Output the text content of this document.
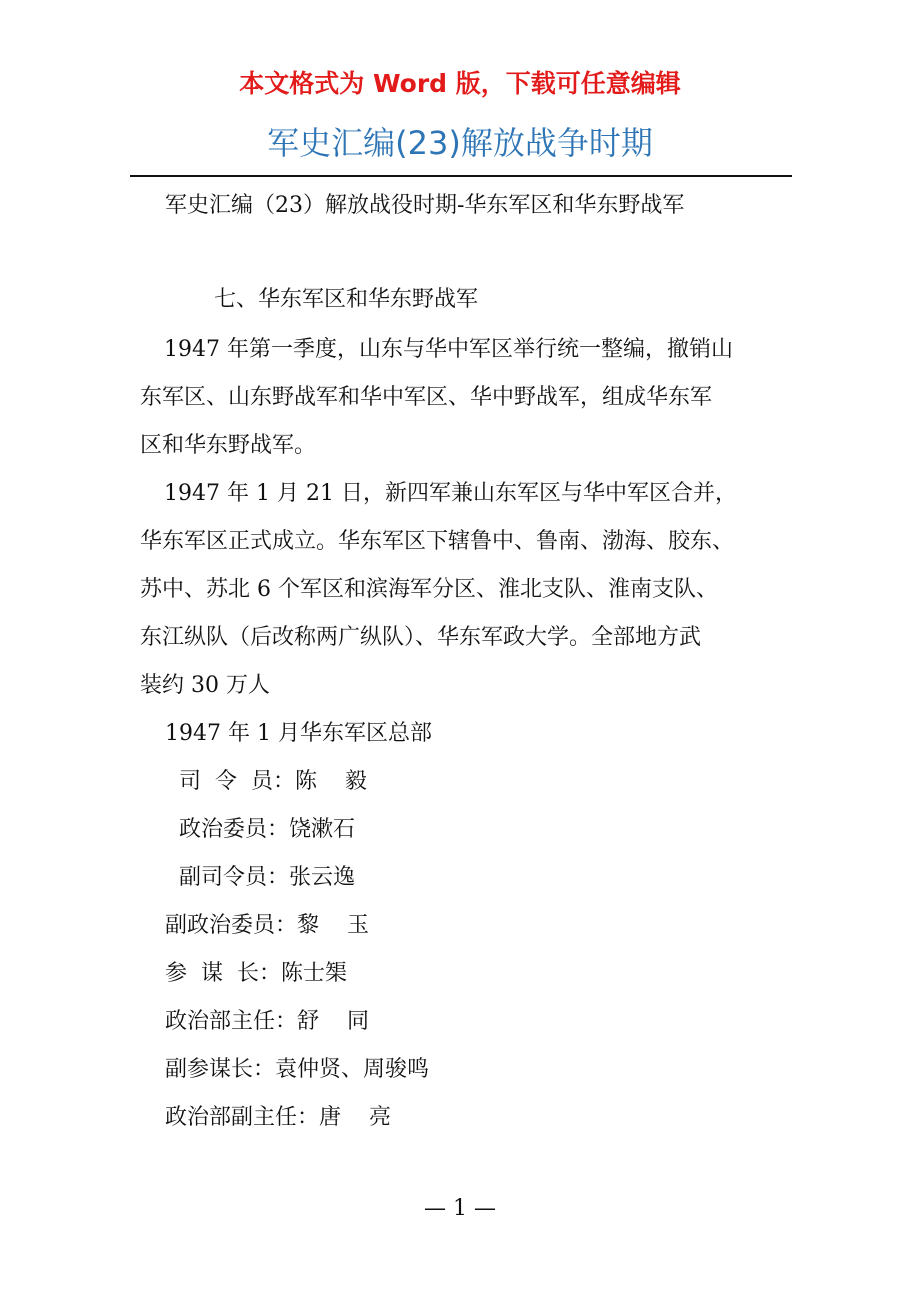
本文格式为 Word 版，下载可任意编辑
军史汇编(23)解放战争时期
军史汇编（23）解放战役时期-华东军区和华东野战军
七、华东军区和华东野战军
1947 年第一季度，山东与华中军区举行统一整编，撤销山
东军区、山东野战军和华中军区、华中野战军，组成华东军
区和华东野战军。
1947 年 1 月 21 日，新四军兼山东军区与华中军区合并，
华东军区正式成立。华东军区下辖鲁中、鲁南、渤海、胶东、
苏中、苏北 6 个军区和滨海军分区、淮北支队、淮南支队、
东江纵队（后改称两广纵队）、华东军政大学。全部地方武
装约 30 万人
1947 年 1 月华东军区总部
司  令  员：陈    毅
政治委员：饶漱石
副司令员：张云逸
副政治委员：黎    玉
参  谋  长：陈士榘
政治部主任：舒    同
副参谋长：袁仲贤、周骏鸣
政治部副主任：唐    亮
— 1 —
